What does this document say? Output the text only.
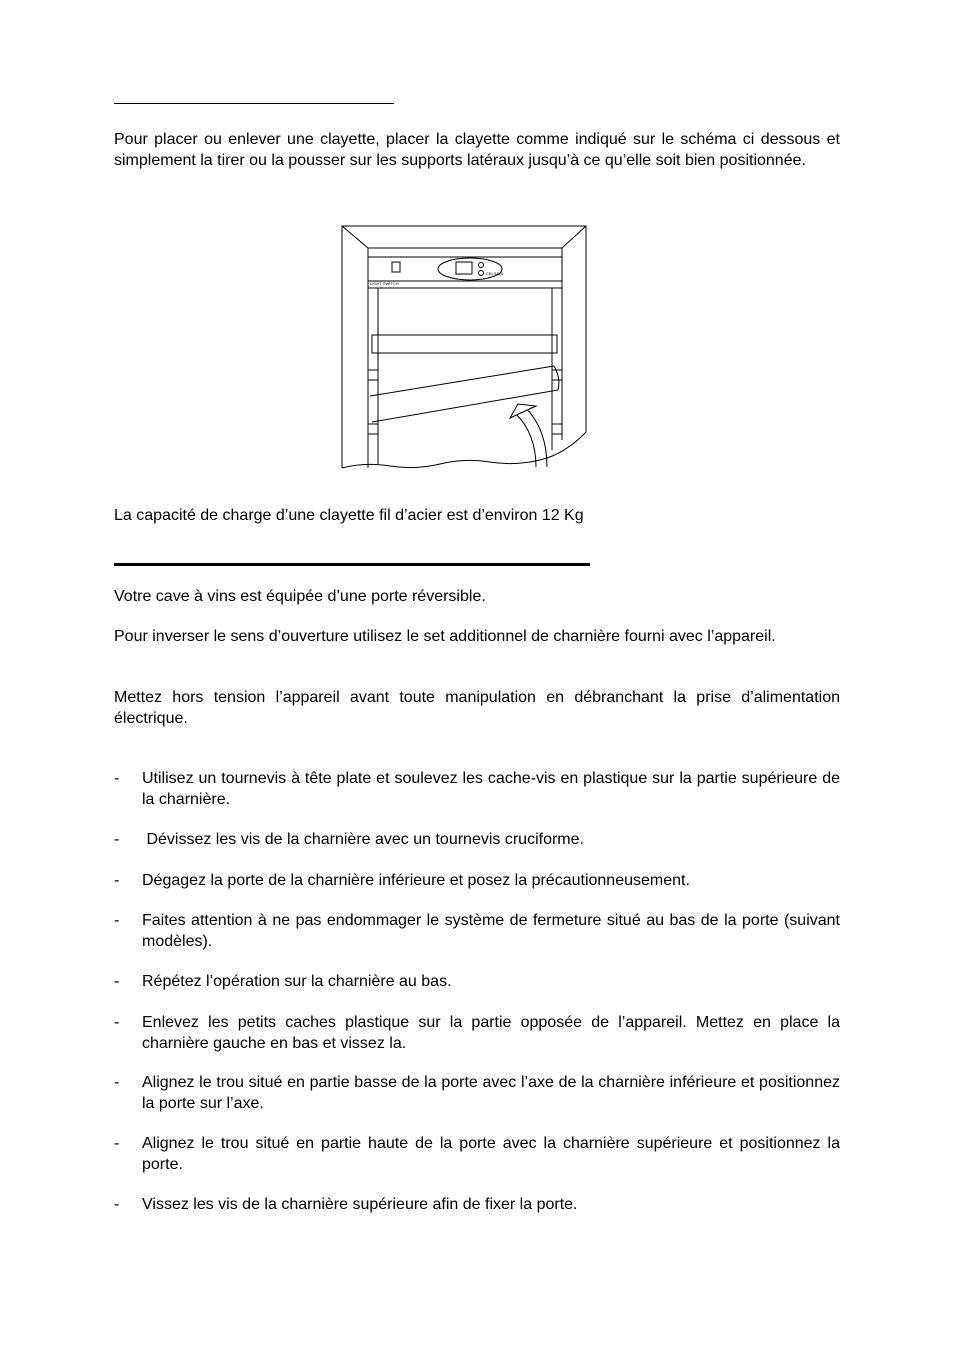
Pour placer ou enlever une clayette, placer la clayette comme indiqué sur le schéma ci dessous et simplement la tirer ou la pousser sur les supports latéraux jusqu’à ce qu’elle soit bien positionnée.

LIGHT SWITCH
CELSIUS

La capacité de charge d’une clayette fil d’acier est d’environ 12 Kg

Votre cave à vins est équipée d’une porte réversible.

Pour inverser le sens d’ouverture utilisez le set additionnel de charnière fourni avec l’appareil.

Mettez hors tension l’appareil avant toute manipulation en débranchant la prise d’alimentation électrique.

- Utilisez un tournevis à tête plate et soulevez les cache-vis en plastique sur la partie supérieure de la charnière.
- Dévissez les vis de la charnière avec un tournevis cruciforme.
- Dégagez la porte de la charnière inférieure et posez la précautionneusement.
- Faites attention à ne pas endommager le système de fermeture situé au bas de la porte (suivant modèles).
- Répétez l’opération sur la charnière au bas.
- Enlevez les petits caches plastique sur la partie opposée de l’appareil. Mettez en place la charnière gauche en bas et vissez la.
- Alignez le trou situé en partie basse de la porte avec l’axe de la charnière inférieure et positionnez la porte sur l’axe.
- Alignez le trou situé en partie haute de la porte avec la charnière supérieure et positionnez la porte.
- Vissez les vis de la charnière supérieure afin de fixer la porte.
